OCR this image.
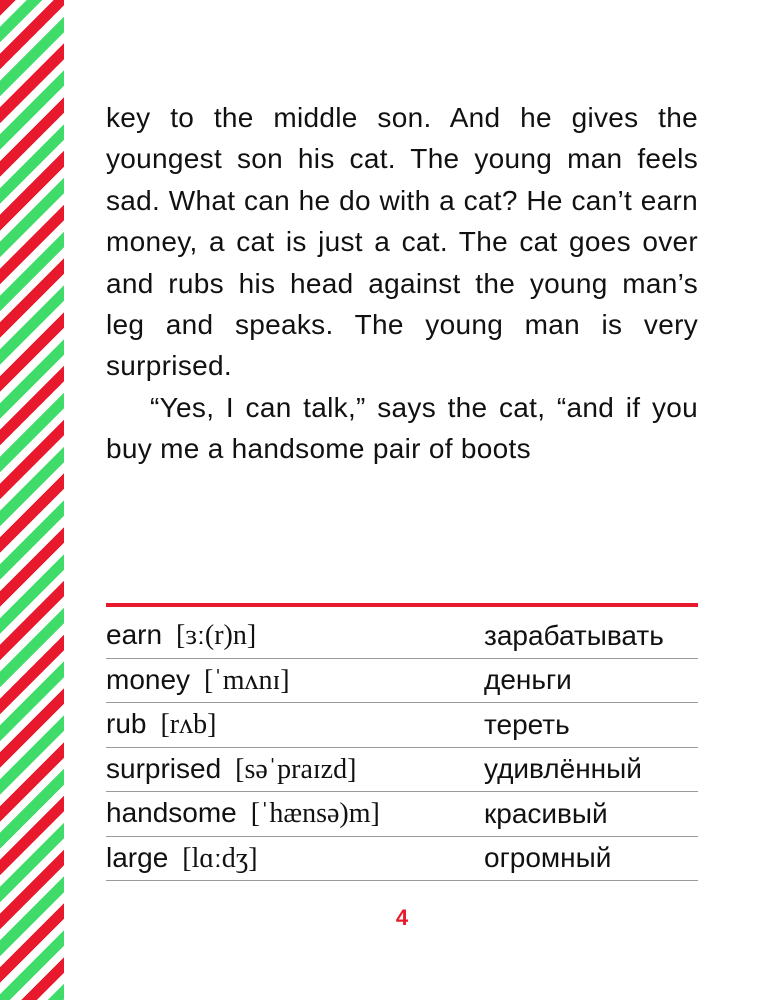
key to the middle son. And he gives the youngest son his cat. The young man feels sad. What can he do with a cat? He can’t earn money, a cat is just a cat. The cat goes over and rubs his head against the young man’s leg and speaks. The young man is very surprised.

“Yes, I can talk,” says the cat, “and if you buy me a handsome pair of boots

earn [ɜː(r)n]	зарабатывать
money [ˈmʌnɪ]	деньги
rub [rʌb]	тереть
surprised [səˈpraɪzd]	удивлённый
handsome [ˈhænsǝ)m]	красивый
large [lɑːdʒ]	огромный
4
